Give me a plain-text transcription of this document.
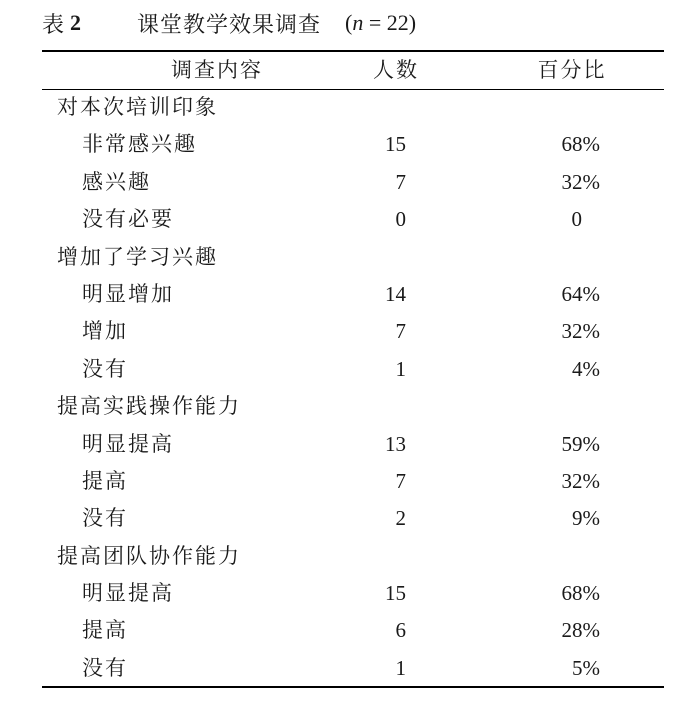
表 2	课堂教学效果调查 (n = 22)
调查内容	人数	百分比
对本次培训印象
非常感兴趣	15	68%
感兴趣	7	32%
没有必要	0	0
增加了学习兴趣
明显增加	14	64%
增加	7	32%
没有	1	4%
提高实践操作能力
明显提高	13	59%
提高	7	32%
没有	2	9%
提高团队协作能力
明显提高	15	68%
提高	6	28%
没有	1	5%
